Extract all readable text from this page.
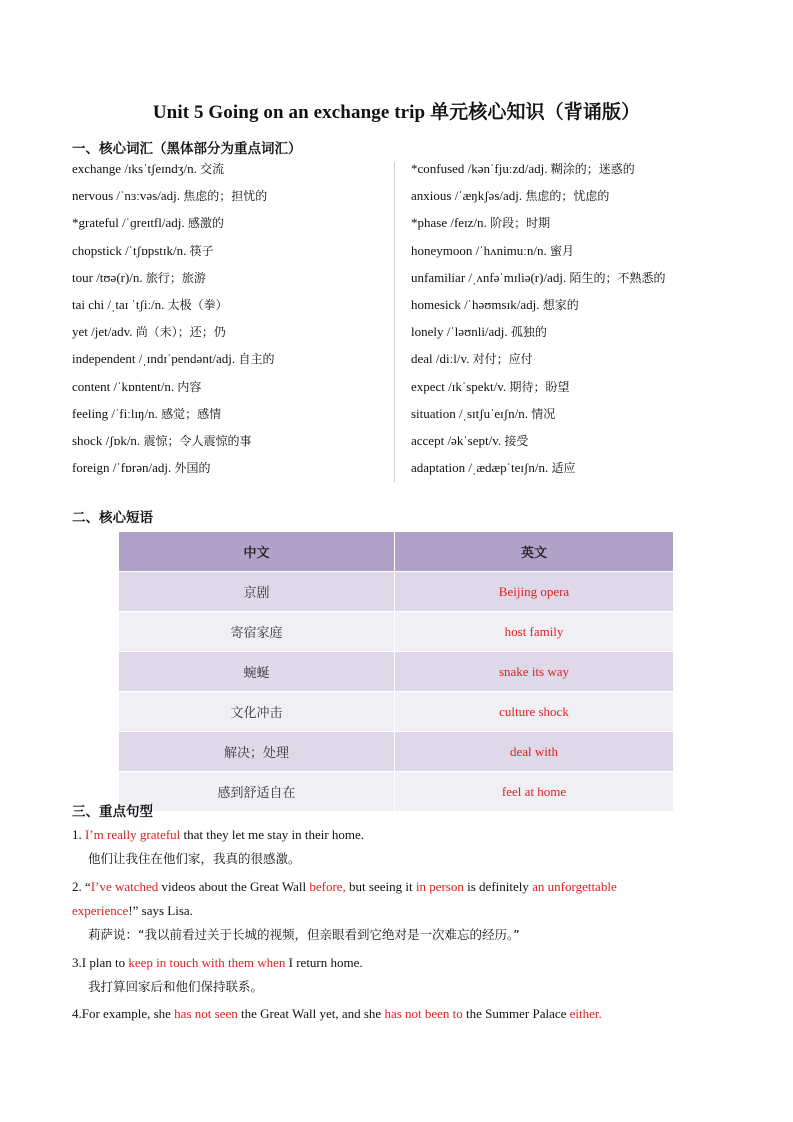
Unit 5 Going on an exchange trip 单元核心知识（背诵版）
一、核心词汇（黑体部分为重点词汇）
exchange /ɪksˈtʃeɪndʒ/n. 交流
nervous /ˈnɜːvəs/adj. 焦虑的；担忧的
*grateful /ˈɡreɪtfl/adj. 感激的
chopstick /ˈtʃɒpstɪk/n. 筷子
tour /tʊə(r)/n. 旅行；旅游
tai chi /ˌtaɪ ˈtʃiː/n. 太极（拳）
yet /jet/adv. 尚（未）；还；仍
independent /ˌɪndɪˈpendənt/adj. 自主的
content /ˈkɒntent/n. 内容
feeling /ˈfiːlɪŋ/n. 感觉；感情
shock /ʃɒk/n. 震惊；令人震惊的事
foreign /ˈfɒrən/adj. 外国的
*confused /kənˈfjuːzd/adj. 糊涂的；迷惑的
anxious /ˈæŋkʃəs/adj. 焦虑的；忧虑的
*phase /feɪz/n. 阶段；时期
honeymoon /ˈhʌnimuːn/n. 蜜月
unfamiliar /ˌʌnfəˈmɪliə(r)/adj. 陌生的；不熟悉的
homesick /ˈhəʊmsɪk/adj. 想家的
lonely /ˈləʊnli/adj. 孤独的
deal /diːl/v. 对付；应付
expect /ɪkˈspekt/v. 期待；盼望
situation /ˌsɪtʃuˈeɪʃn/n. 情况
accept /əkˈsept/v. 接受
adaptation /ˌædæpˈteɪʃn/n. 适应
二、核心短语
中文	英文
京剧	Beijing opera
寄宿家庭	host family
蜿蜒	snake its way
文化冲击	culture shock
解决；处理	deal with
感到舒适自在	feel at home
三、重点句型
1. I’m really grateful that they let me stay in their home.
他们让我住在他们家，我真的很感激。
2. “I’ve watched videos about the Great Wall before, but seeing it in person is definitely an unforgettable
experience!” says Lisa.
莉萨说：“我以前看过关于长城的视频，但亲眼看到它绝对是一次难忘的经历。”
3.I plan to keep in touch with them when I return home.
我打算回家后和他们保持联系。
4.For example, she has not seen the Great Wall yet, and she has not been to the Summer Palace either.
